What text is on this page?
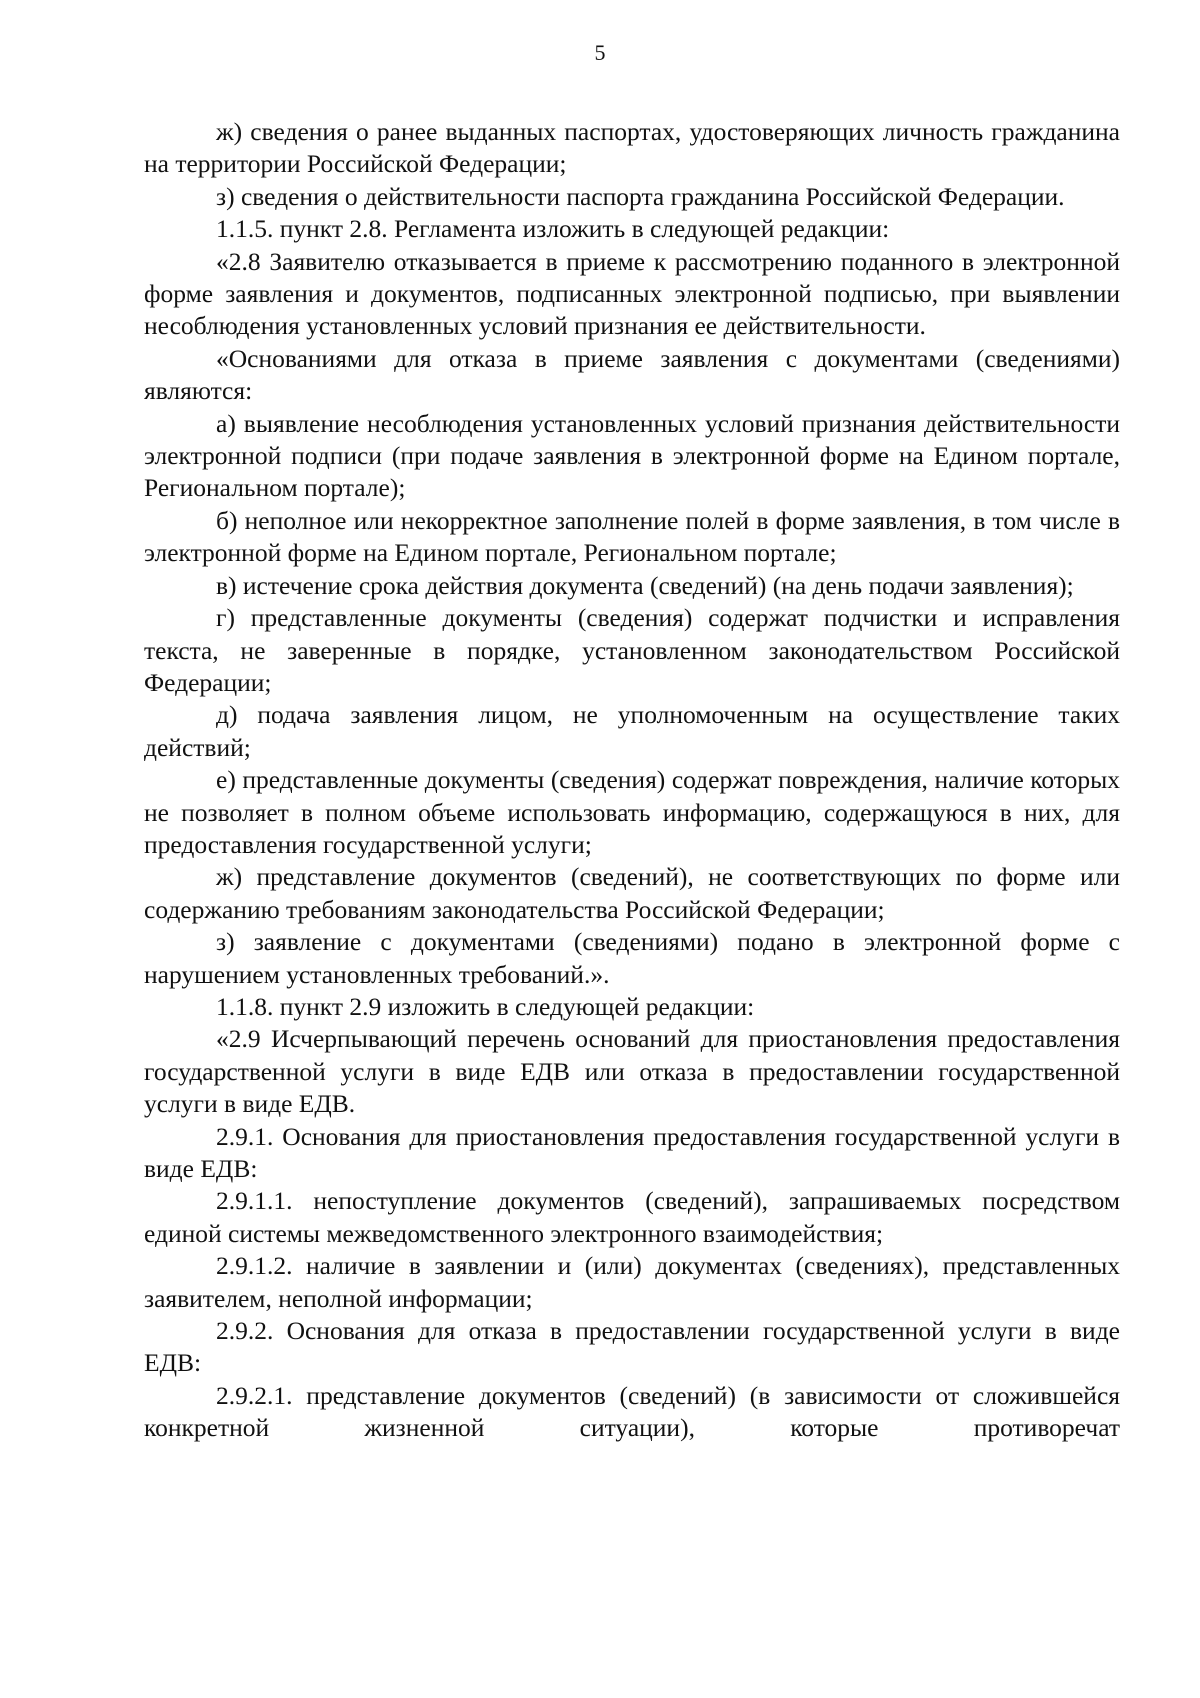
5

ж) сведения о ранее выданных паспортах, удостоверяющих личность гражданина на территории Российской Федерации;

з) сведения о действительности паспорта гражданина Российской Федерации.

1.1.5. пункт 2.8. Регламента изложить в следующей редакции:

«2.8 Заявителю отказывается в приеме к рассмотрению поданного в электронной форме заявления и документов, подписанных электронной подписью, при выявлении несоблюдения установленных условий признания ее действительности.

«Основаниями для отказа в приеме заявления с документами (сведениями) являются:

а) выявление несоблюдения установленных условий признания действительности электронной подписи (при подаче заявления в электронной форме на Едином портале, Региональном портале);

б) неполное или некорректное заполнение полей в форме заявления, в том числе в электронной форме на Едином портале, Региональном портале;

в) истечение срока действия документа (сведений) (на день подачи заявления);

г) представленные документы (сведения) содержат подчистки и исправления текста, не заверенные в порядке, установленном законодательством Российской Федерации;

д) подача заявления лицом, не уполномоченным на осуществление таких действий;

е) представленные документы (сведения) содержат повреждения, наличие которых не позволяет в полном объеме использовать информацию, содержащуюся в них, для предоставления государственной услуги;

ж) представление документов (сведений), не соответствующих по форме или содержанию требованиям законодательства Российской Федерации;

з) заявление с документами (сведениями) подано в электронной форме с нарушением установленных требований.».

1.1.8. пункт 2.9 изложить в следующей редакции:

«2.9 Исчерпывающий перечень оснований для приостановления предоставления государственной услуги в виде ЕДВ или отказа в предоставлении государственной услуги в виде ЕДВ.

2.9.1. Основания для приостановления предоставления государственной услуги в виде ЕДВ:

2.9.1.1. непоступление документов (сведений), запрашиваемых посредством единой системы межведомственного электронного взаимодействия;

2.9.1.2. наличие в заявлении и (или) документах (сведениях), представленных заявителем, неполной информации;

2.9.2. Основания для отказа в предоставлении государственной услуги в виде ЕДВ:

2.9.2.1. представление документов (сведений) (в зависимости от сложившейся конкретной жизненной ситуации), которые противоречат
